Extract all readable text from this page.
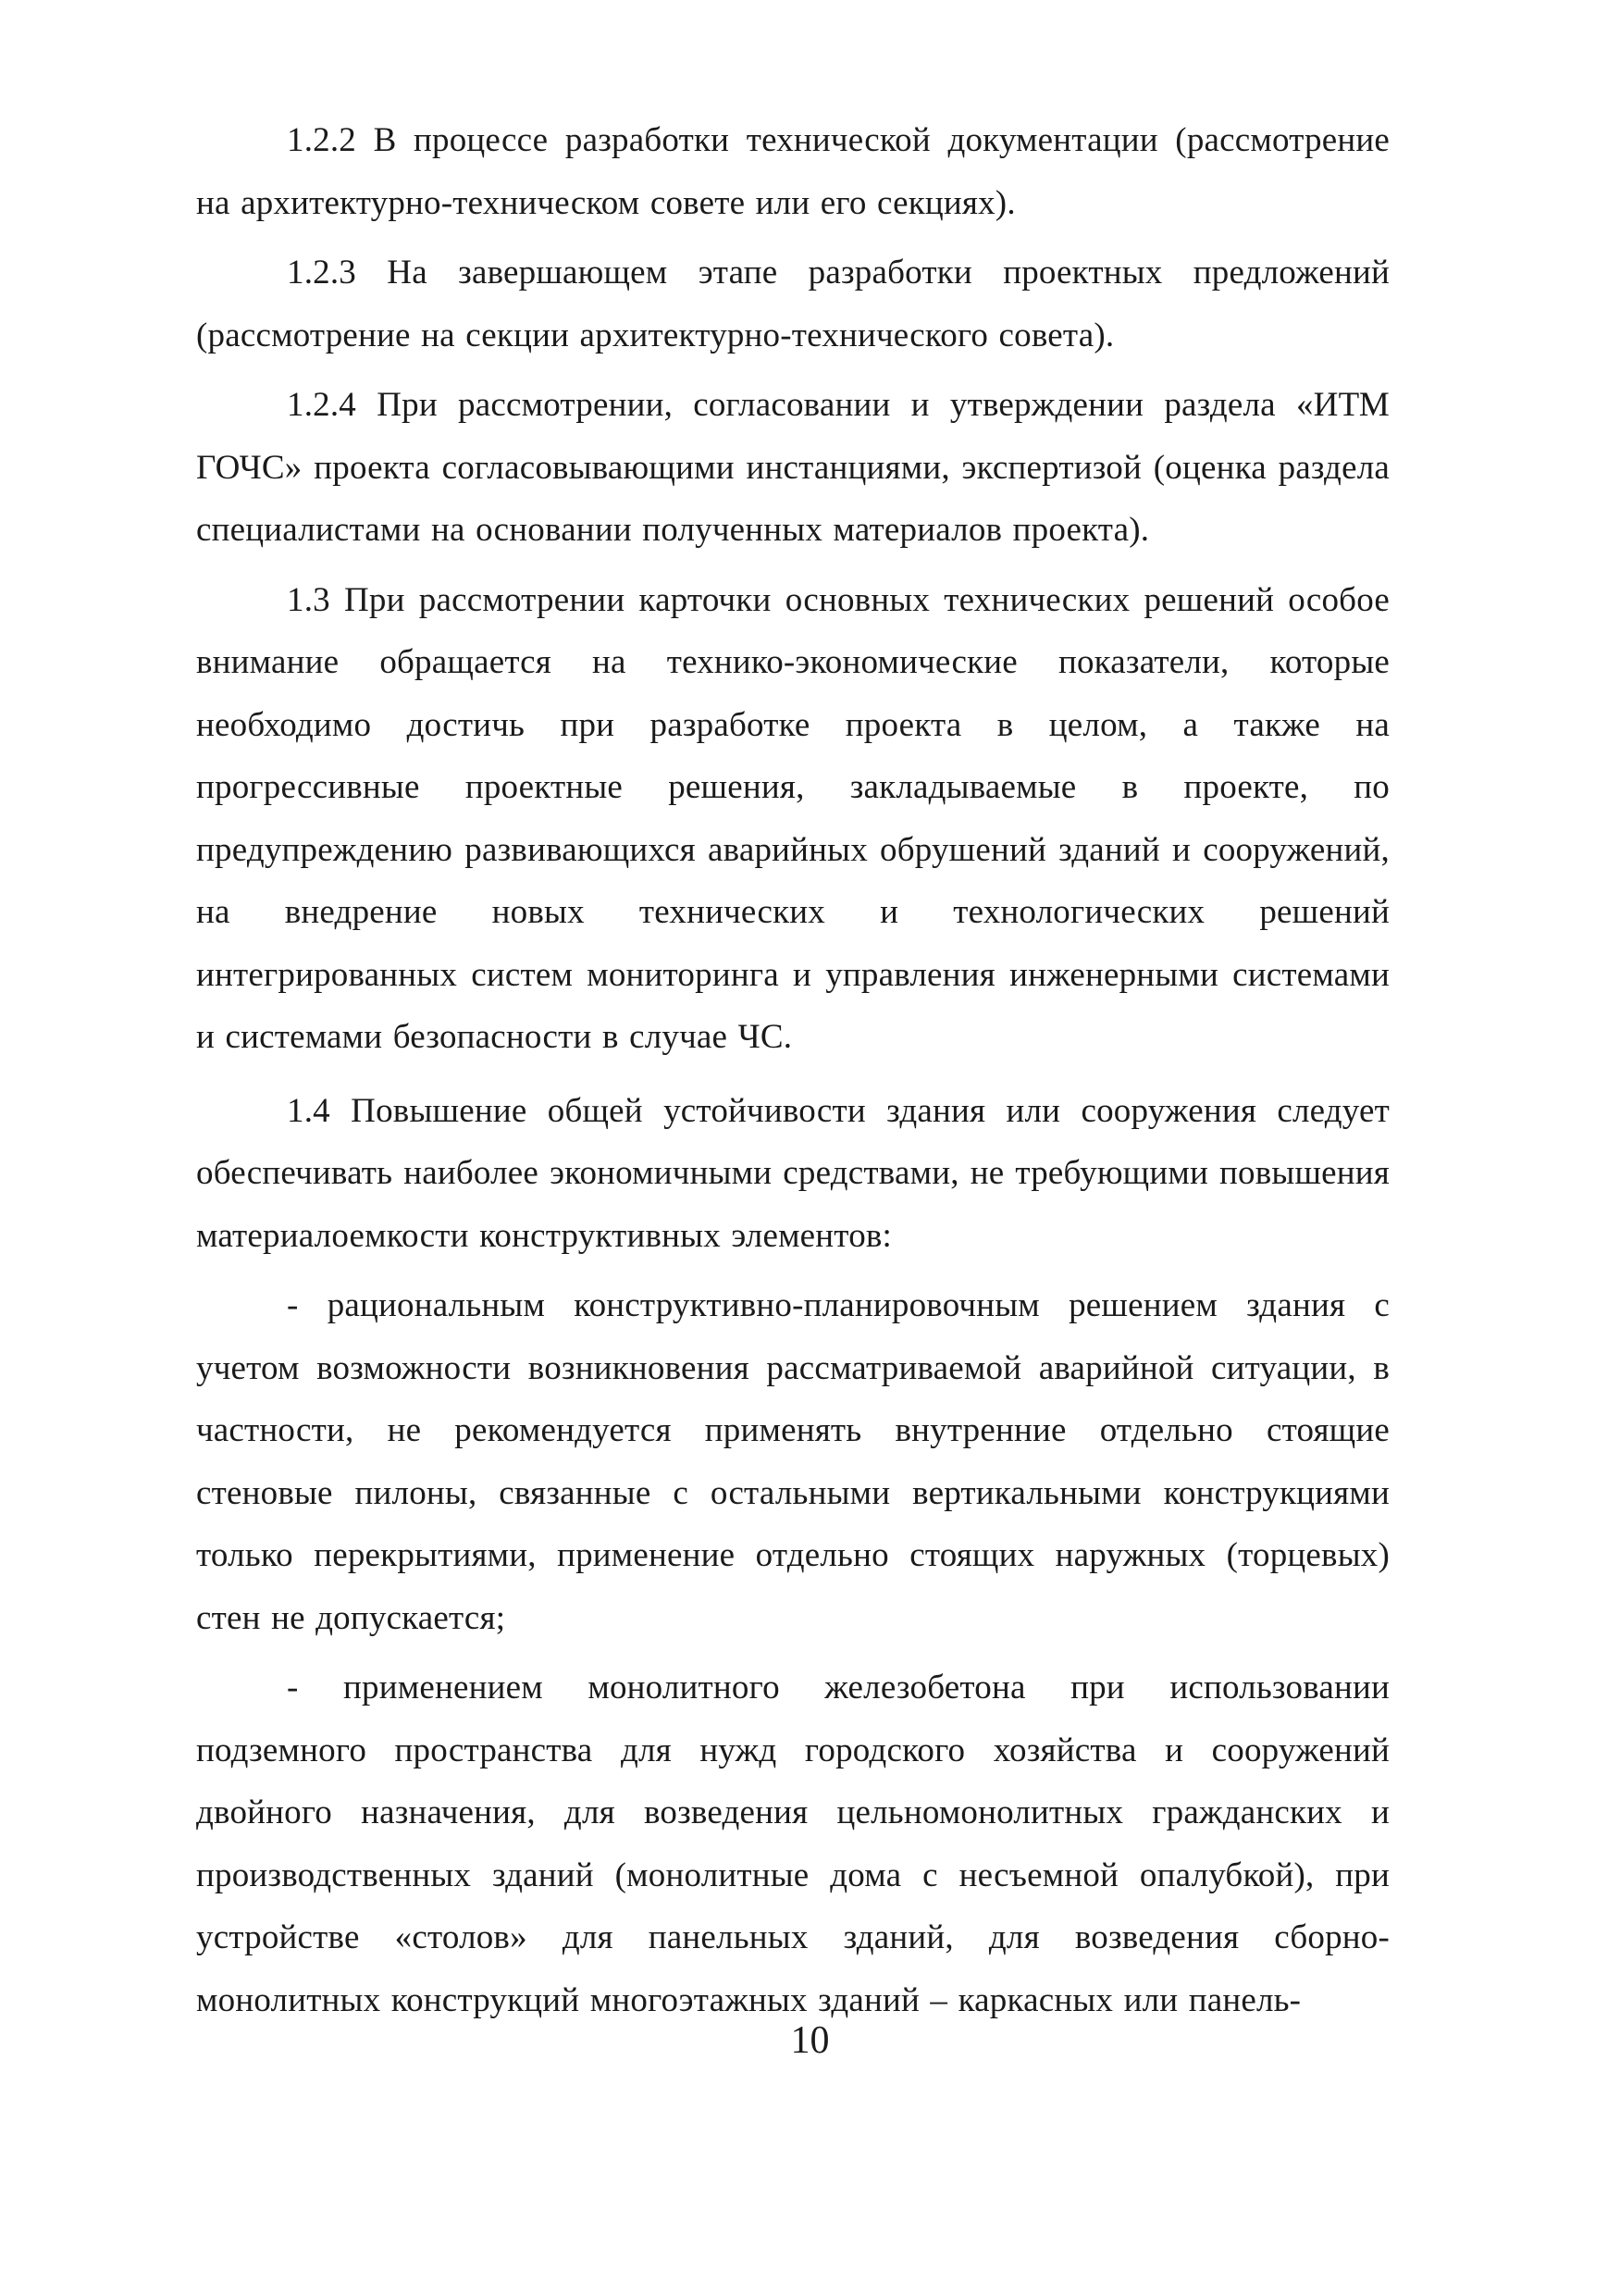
1.2.2 В процессе разработки технической документации (рассмотрение на архитектурно-техническом совете или его секциях).

1.2.3 На завершающем этапе разработки проектных предложений (рассмотрение на секции архитектурно-технического совета).

1.2.4 При рассмотрении, согласовании и утверждении раздела «ИТМ ГОЧС» проекта согласовывающими инстанциями, экспертизой (оценка раздела специалистами на основании полученных материалов проекта).

1.3 При рассмотрении карточки основных технических решений особое внимание обращается на технико-экономические показатели, которые необходимо достичь при разработке проекта в целом, а также на прогрессивные проектные решения, закладываемые в проекте, по предупреждению развивающихся аварийных обрушений зданий и сооружений, на внедрение новых технических и технологических решений интегрированных систем мониторинга и управления инженерными системами и системами безопасности в случае ЧС.

1.4 Повышение общей устойчивости здания или сооружения следует обеспечивать наиболее экономичными средствами, не требующими повышения материалоемкости конструктивных элементов:

- рациональным конструктивно-планировочным решением здания с учетом возможности возникновения рассматриваемой аварийной ситуации, в частности, не рекомендуется применять внутренние отдельно стоящие стеновые пилоны, связанные с остальными вертикальными конструкциями только перекрытиями, применение отдельно стоящих наружных (торцевых) стен не допускается;

- применением монолитного железобетона при использовании подземного пространства для нужд городского хозяйства и сооружений двойного назначения, для возведения цельномонолитных гражданских и производственных зданий (монолитные дома с несъемной опалубкой), при устройстве «столов» для панельных зданий, для возведения сборно-монолитных конструкций многоэтажных зданий – каркасных или панель-

10
